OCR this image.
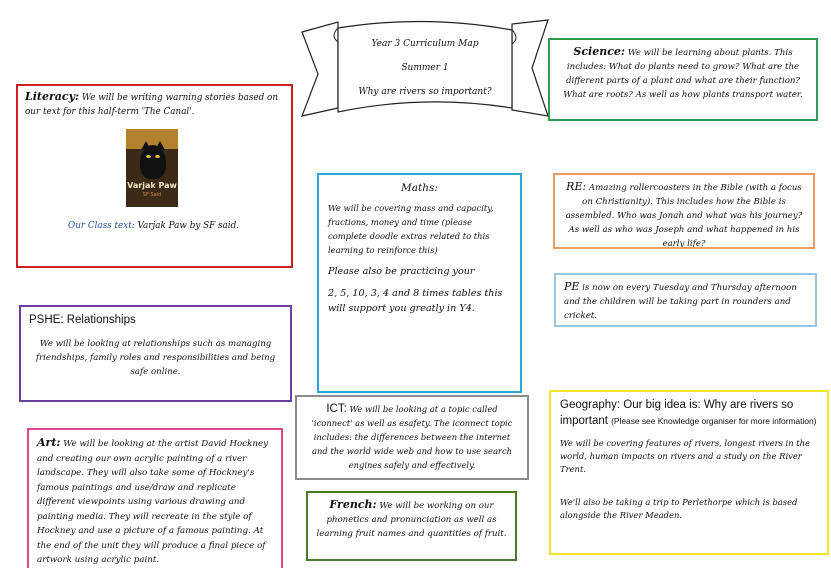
Year 3 Curriculum Map
Summer 1
Why are rivers so important?

Literacy: We will be writing warning stories based on our text for this half-term 'The Canal'.

Varjak Paw
SF Said
Our Class text: Varjak Paw by SF said.
Science: We will be learning about plants. This includes: What do plants need to grow? What are the different parts of a plant and what are their function? What are roots? As well as how plants transport water.
Maths:

We will be covering mass and capacity, fractions, money and time (please complete doodle extras related to this learning to reinforce this)

Please also be practicing your

2, 5, 10, 3, 4 and 8 times tables this will support you greatly in Y4.

RE: Amazing rollercoasters in the Bible (with a focus on Christianity). This includes how the Bible is assembled. Who was Jonah and what was his journey? As well as who was Joseph and what happened in his early life?
PE is now on every Tuesday and Thursday afternoon and the children will be taking part in rounders and cricket.
PSHE: Relationships

We will be looking at relationships such as managing friendships, family roles and responsibilities and being safe online.

ICT: We will be looking at a topic called 'iconnect' as well as esafety. The iconnect topic includes: the differences between the internet and the world wide web and how to use search engines safely and effectively.
Geography: Our big idea is: Why are rivers so important (Please see Knowledge organiser for more information)

We will be covering features of rivers, longest rivers in the world, human impacts on rivers and a study on the River Trent.

We'll also be taking a trip to Perlethorpe which is based alongside the River Meaden.

Art: We will be looking at the artist David Hockney and creating our own acrylic painting of a river landscape. They will also take some of Hockney's famous paintings and use/draw and replicate different viewpoints using various drawing and painting media. They will recreate in the style of Hockney and use a picture of a famous painting. At the end of the unit they will produce a final piece of artwork using acrylic paint.
French: We will be working on our phonetics and pronunciation as well as learning fruit names and quantities of fruit.
